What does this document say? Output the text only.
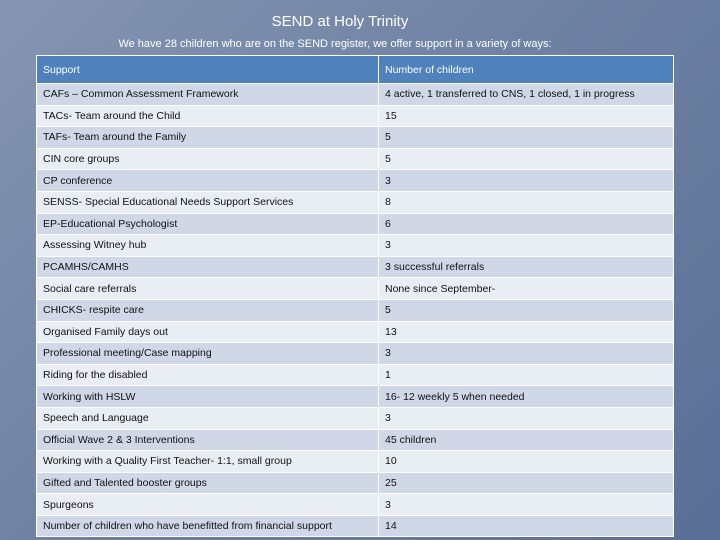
SEND at Holy Trinity
We have 28 children who are on the SEND register, we offer support in a variety of ways:
Support	Number of children
CAFs – Common Assessment Framework	4 active, 1 transferred to CNS, 1 closed, 1 in progress
TACs- Team around the Child	15
TAFs- Team around the Family	5
CIN core groups	5
CP conference	3
SENSS- Special Educational Needs Support Services	8
EP-Educational Psychologist	6
Assessing Witney hub	3
PCAMHS/CAMHS	3 successful referrals
Social care referrals	None since September-
CHICKS- respite care	5
Organised Family days out	13
Professional meeting/Case mapping	3
Riding for the disabled	1
Working with HSLW	16- 12 weekly 5 when needed
Speech and Language	3
Official Wave 2 & 3 Interventions	45 children
Working with a Quality First Teacher- 1:1, small group	10
Gifted and Talented booster groups	25
Spurgeons	3
Number of children who have benefitted from financial support	14
